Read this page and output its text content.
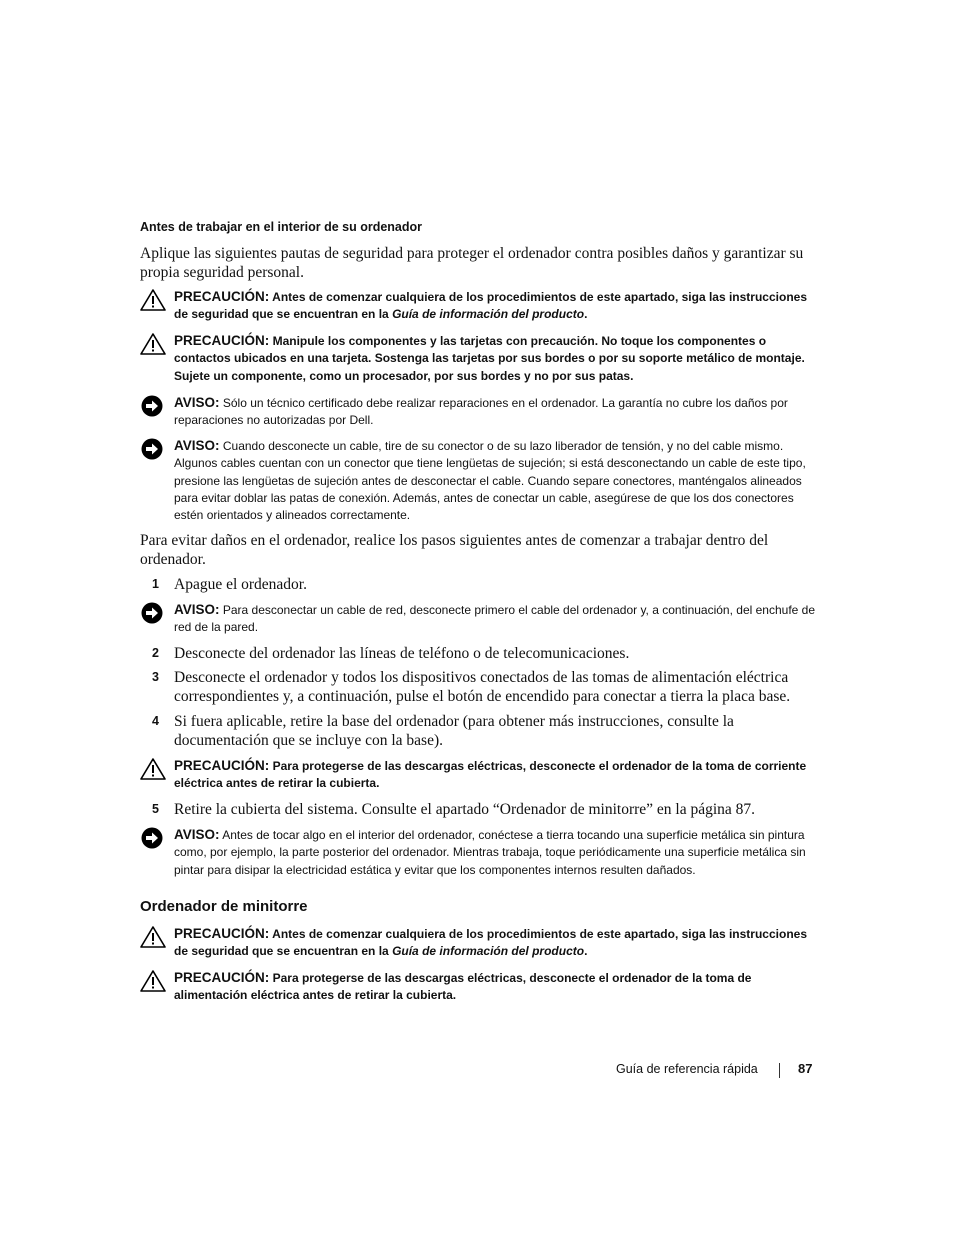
Antes de trabajar en el interior de su ordenador
Aplique las siguientes pautas de seguridad para proteger el ordenador contra posibles daños y garantizar su propia seguridad personal.
PRECAUCIÓN: Antes de comenzar cualquiera de los procedimientos de este apartado, siga las instrucciones de seguridad que se encuentran en la Guía de información del producto.
PRECAUCIÓN: Manipule los componentes y las tarjetas con precaución. No toque los componentes o contactos ubicados en una tarjeta. Sostenga las tarjetas por sus bordes o por su soporte metálico de montaje. Sujete un componente, como un procesador, por sus bordes y no por sus patas.
AVISO: Sólo un técnico certificado debe realizar reparaciones en el ordenador. La garantía no cubre los daños por reparaciones no autorizadas por Dell.
AVISO: Cuando desconecte un cable, tire de su conector o de su lazo liberador de tensión, y no del cable mismo. Algunos cables cuentan con un conector que tiene lengüetas de sujeción; si está desconectando un cable de este tipo, presione las lengüetas de sujeción antes de desconectar el cable. Cuando separe conectores, manténgalos alineados para evitar doblar las patas de conexión. Además, antes de conectar un cable, asegúrese de que los dos conectores estén orientados y alineados correctamente.
Para evitar daños en el ordenador, realice los pasos siguientes antes de comenzar a trabajar dentro del ordenador.
1 Apague el ordenador.
AVISO: Para desconectar un cable de red, desconecte primero el cable del ordenador y, a continuación, del enchufe de red de la pared.
2 Desconecte del ordenador las líneas de teléfono o de telecomunicaciones.
3 Desconecte el ordenador y todos los dispositivos conectados de las tomas de alimentación eléctrica correspondientes y, a continuación, pulse el botón de encendido para conectar a tierra la placa base.
4 Si fuera aplicable, retire la base del ordenador (para obtener más instrucciones, consulte la documentación que se incluye con la base).
PRECAUCIÓN: Para protegerse de las descargas eléctricas, desconecte el ordenador de la toma de corriente eléctrica antes de retirar la cubierta.
5 Retire la cubierta del sistema. Consulte el apartado “Ordenador de minitorre” en la página 87.
AVISO: Antes de tocar algo en el interior del ordenador, conéctese a tierra tocando una superficie metálica sin pintura como, por ejemplo, la parte posterior del ordenador. Mientras trabaja, toque periódicamente una superficie metálica sin pintar para disipar la electricidad estática y evitar que los componentes internos resulten dañados.
Ordenador de minitorre
PRECAUCIÓN: Antes de comenzar cualquiera de los procedimientos de este apartado, siga las instrucciones de seguridad que se encuentran en la Guía de información del producto.
PRECAUCIÓN: Para protegerse de las descargas eléctricas, desconecte el ordenador de la toma de alimentación eléctrica antes de retirar la cubierta.
Guía de referencia rápida	87
